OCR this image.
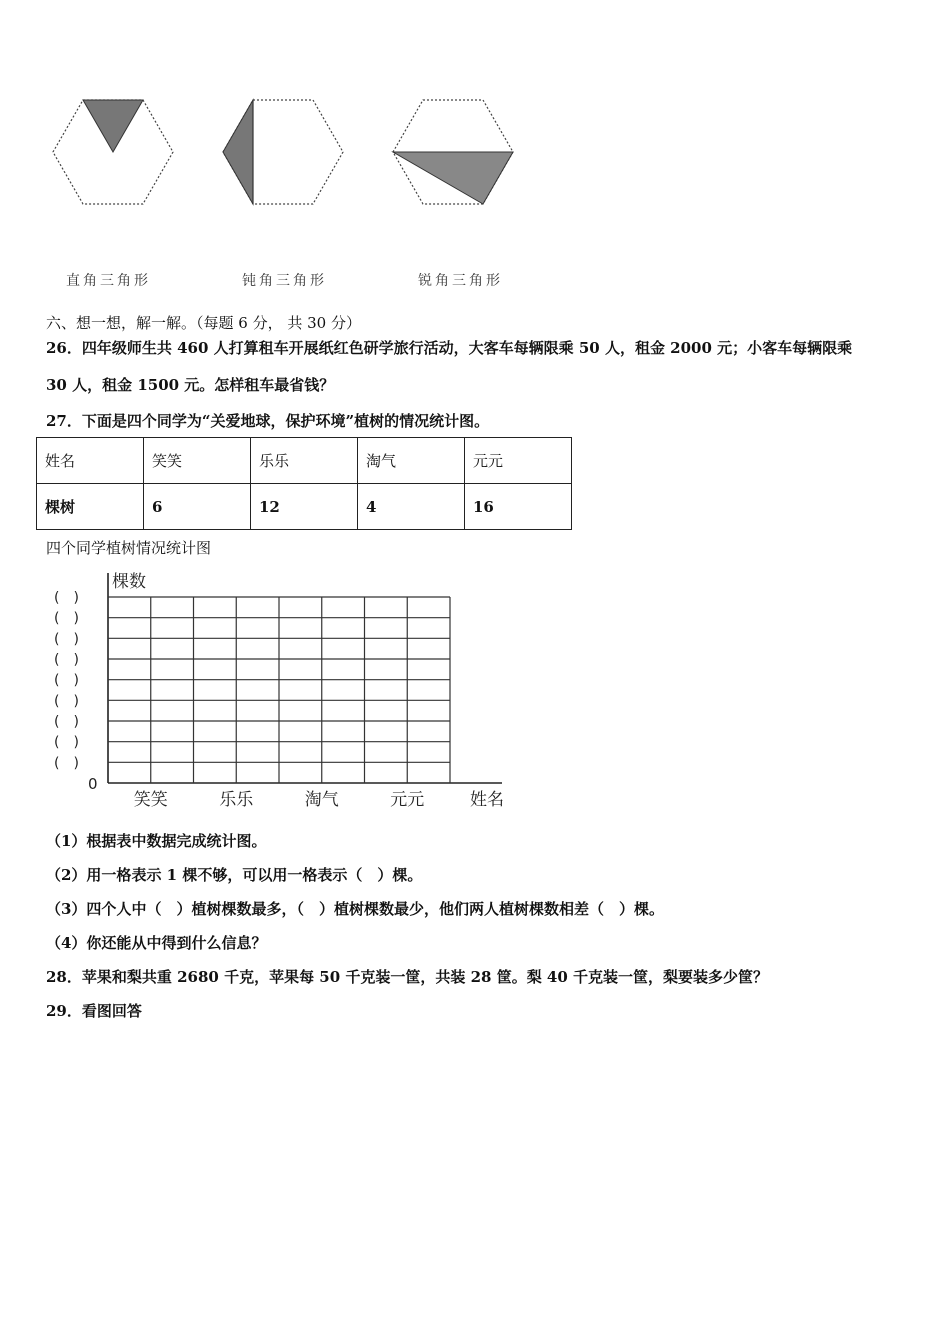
直角三角形	钝角三角形	锐角三角形
六、想一想，解一解。（每题 6 分， 共 30 分）
26．四年级师生共 460 人打算租车开展纸红色研学旅行活动，大客车每辆限乘 50 人，租金 2000 元；小客车每辆限乘
30 人，租金 1500 元。怎样租车最省钱？
27．下面是四个同学为“关爱地球，保护环境”植树的情况统计图。
姓名	笑笑	乐乐	淘气	元元
棵树	6	12	4	16
四个同学植树情况统计图
棵数
0
姓名
(　)
(　)
(　)
(　)
(　)
(　)
(　)
(　)
(　)
笑笑	乐乐	淘气	元元
（1）根据表中数据完成统计图。
（2）用一格表示 1 棵不够，可以用一格表示（　）棵。
（3）四个人中（　）植树棵数最多，（　）植树棵数最少，他们两人植树棵数相差（　）棵。
（4）你还能从中得到什么信息？
28．苹果和梨共重 2680 千克，苹果每 50 千克装一筐，共装 28 筐。梨 40 千克装一筐，梨要装多少筐？
29．看图回答
